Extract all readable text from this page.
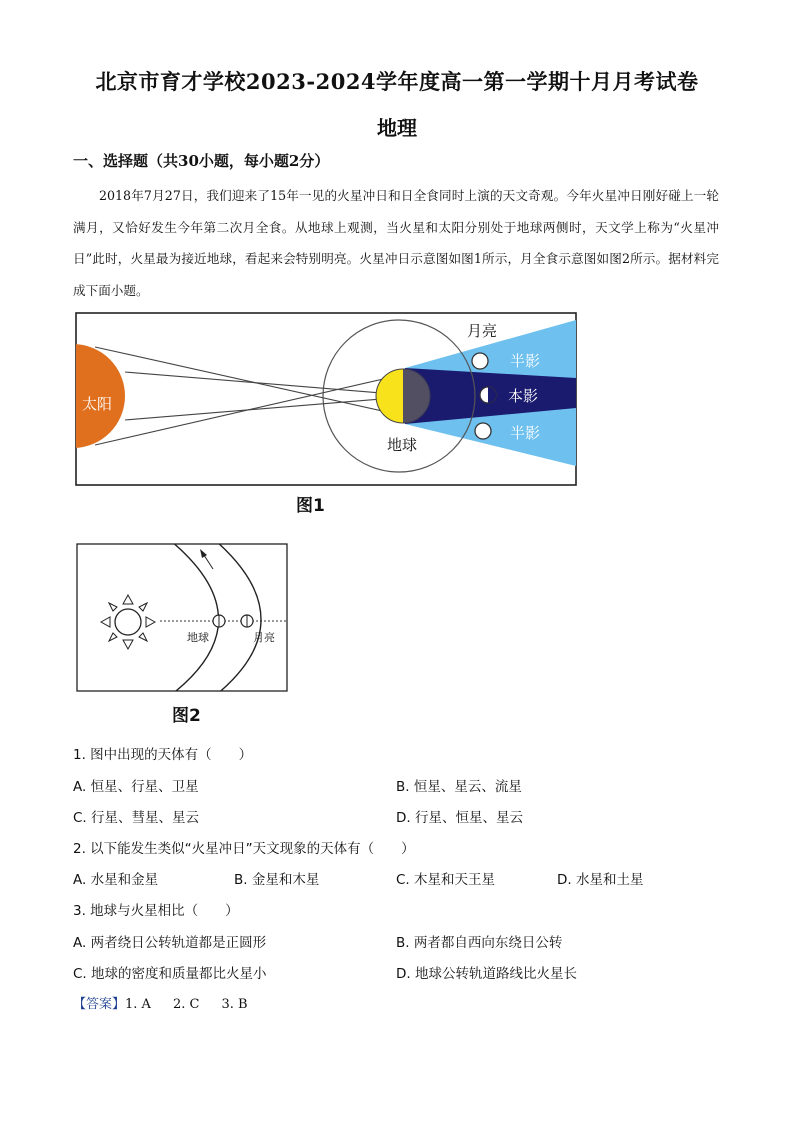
北京市育才学校2023-2024学年度高一第一学期十月月考试卷
地理
一、选择题（共30小题，每小题2分）
2018年7月27日，我们迎来了15年一见的火星冲日和日全食同时上演的天文奇观。今年火星冲日刚好碰上一轮满月，又恰好发生今年第二次月全食。从地球上观测，当火星和太阳分别处于地球两侧时，天文学上称为“火星冲日”此时，火星最为接近地球，看起来会特别明亮。火星冲日示意图如图1所示，月全食示意图如图2所示。据材料完成下面小题。
太阳
地球
月亮
半影
本影
半影
图1
地球	月亮
图2
1. 图中出现的天体有（　　）
A. 恒星、行星、卫星	B. 恒星、星云、流星
C. 行星、彗星、星云	D. 行星、恒星、星云
2. 以下能发生类似“火星冲日”天文现象的天体有（　　）
A. 水星和金星	B. 金星和木星	C. 木星和天王星	D. 水星和土星
3. 地球与火星相比（　　）
A. 两者绕日公转轨道都是正圆形	B. 两者都自西向东绕日公转
C. 地球的密度和质量都比火星小	D. 地球公转轨道路线比火星长
【答案】1. A 2. C 3. B
